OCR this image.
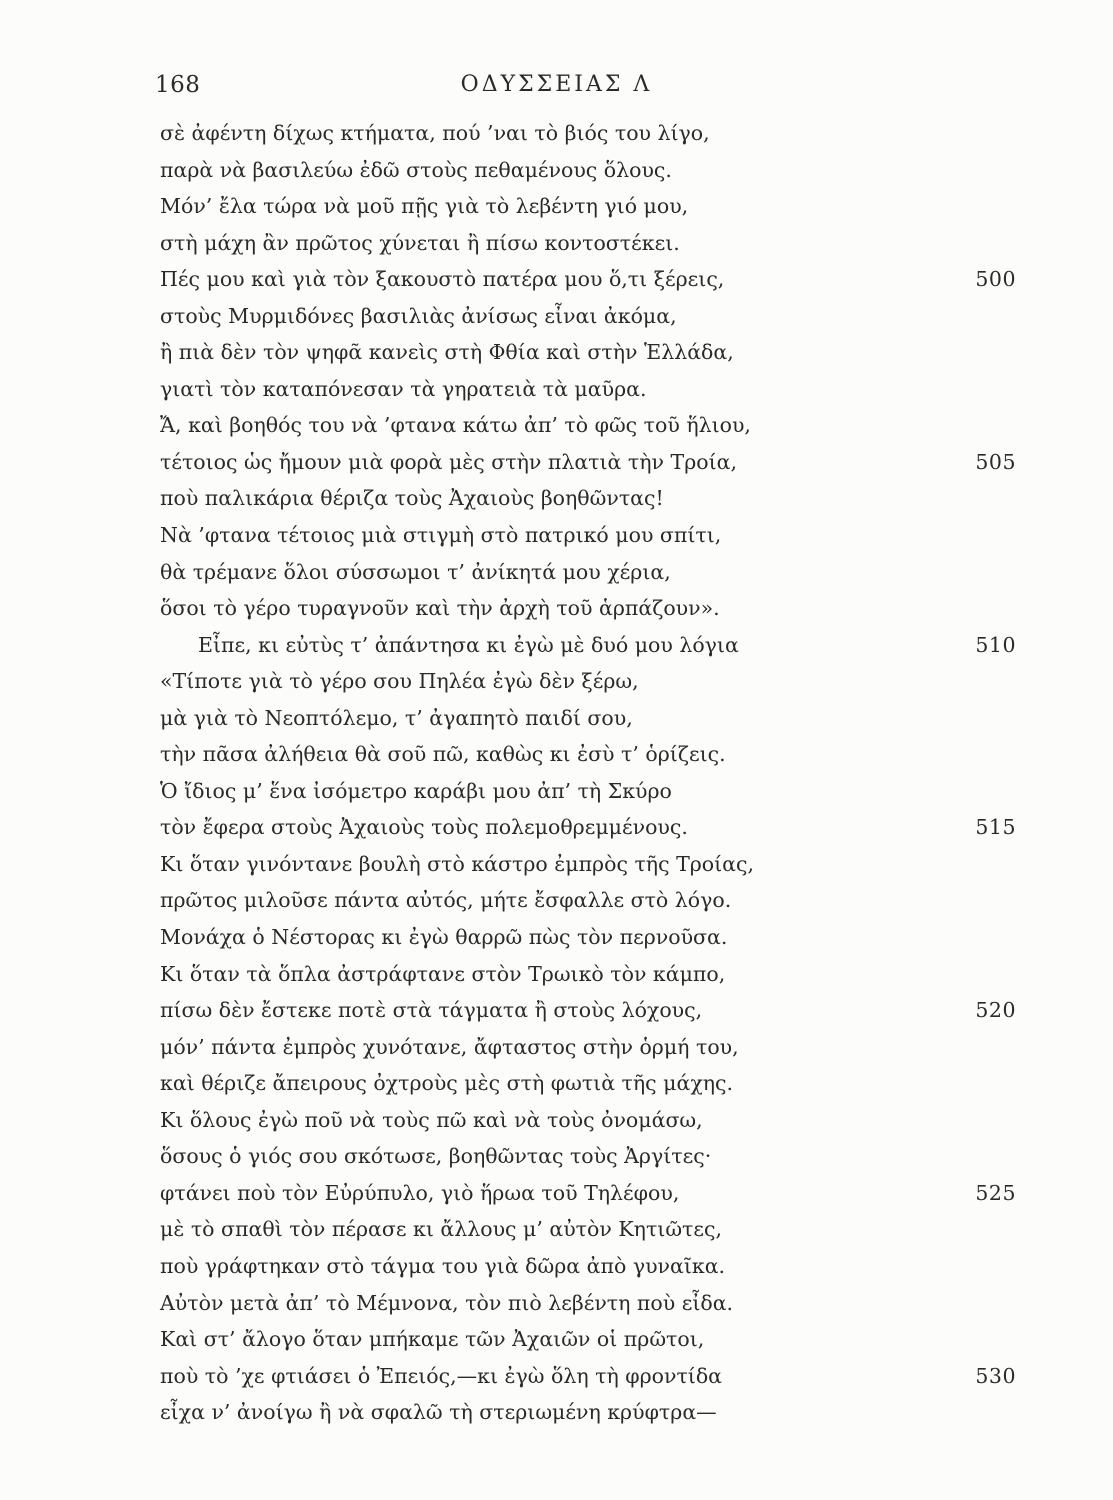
168	ΟΔΥΣΣΕΙΑΣ Λ
σὲ ἀφέντη δίχως κτήματα, πού ’ναι τὸ βιός του λίγο,
παρὰ νὰ βασιλεύω ἐδῶ στοὺς πεθαμένους ὅλους.
Μόν’ ἔλα τώρα νὰ μοῦ πῇς γιὰ τὸ λεβέντη γιό μου,
στὴ μάχη ἂν πρῶτος χύνεται ἢ πίσω κοντοστέκει.
Πές μου καὶ γιὰ τὸν ξακουστὸ πατέρα μου ὅ,τι ξέρεις,	500
στοὺς Μυρμιδόνες βασιλιὰς ἀνίσως εἶναι ἀκόμα,
ἢ πιὰ δὲν τὸν ψηφᾶ κανεὶς στὴ Φθία καὶ στὴν Ἑλλάδα,
γιατὶ τὸν καταπόνεσαν τὰ γηρατειὰ τὰ μαῦρα.
Ἄ, καὶ βοηθός του νὰ ’φτανα κάτω ἀπ’ τὸ φῶς τοῦ ἥλιου,
τέτοιος ὡς ἤμουν μιὰ φορὰ μὲς στὴν πλατιὰ τὴν Τροία,	505
ποὺ παλικάρια θέριζα τοὺς Ἀχαιοὺς βοηθῶντας!
Νὰ ’φτανα τέτοιος μιὰ στιγμὴ στὸ πατρικό μου σπίτι,
θὰ τρέμανε ὅλοι σύσσωμοι τ’ ἀνίκητά μου χέρια,
ὅσοι τὸ γέρο τυραγνοῦν καὶ τὴν ἀρχὴ τοῦ ἁρπάζουν».
Εἶπε, κι εὐτὺς τ’ ἀπάντησα κι ἐγὼ μὲ δυό μου λόγια	510
«Τίποτε γιὰ τὸ γέρο σου Πηλέα ἐγὼ δὲν ξέρω,
μὰ γιὰ τὸ Νεοπτόλεμο, τ’ ἀγαπητὸ παιδί σου,
τὴν πᾶσα ἀλήθεια θὰ σοῦ πῶ, καθὼς κι ἐσὺ τ’ ὁρίζεις.
Ὁ ἴδιος μ’ ἕνα ἰσόμετρο καράβι μου ἀπ’ τὴ Σκύρο
τὸν ἔφερα στοὺς Ἀχαιοὺς τοὺς πολεμοθρεμμένους.	515
Κι ὅταν γινόντανε βουλὴ στὸ κάστρο ἐμπρὸς τῆς Τροίας,
πρῶτος μιλοῦσε πάντα αὐτός, μήτε ἔσφαλλε στὸ λόγο.
Μονάχα ὁ Νέστορας κι ἐγὼ θαρρῶ πὼς τὸν περνοῦσα.
Κι ὅταν τὰ ὅπλα ἀστράφτανε στὸν Τρωικὸ τὸν κάμπο,
πίσω δὲν ἔστεκε ποτὲ στὰ τάγματα ἢ στοὺς λόχους,	520
μόν’ πάντα ἐμπρὸς χυνότανε, ἄφταστος στὴν ὁρμή του,
καὶ θέριζε ἄπειρους ὀχτροὺς μὲς στὴ φωτιὰ τῆς μάχης.
Κι ὅλους ἐγὼ ποῦ νὰ τοὺς πῶ καὶ νὰ τοὺς ὀνομάσω,
ὅσους ὁ γιός σου σκότωσε, βοηθῶντας τοὺς Ἀργίτες·
φτάνει ποὺ τὸν Εὐρύπυλο, γιὸ ἥρωα τοῦ Τηλέφου,	525
μὲ τὸ σπαθὶ τὸν πέρασε κι ἄλλους μ’ αὐτὸν Κητιῶτες,
ποὺ γράφτηκαν στὸ τάγμα του γιὰ δῶρα ἀπὸ γυναῖκα.
Αὐτὸν μετὰ ἀπ’ τὸ Μέμνονα, τὸν πιὸ λεβέντη ποὺ εἶδα.
Καὶ στ’ ἄλογο ὅταν μπήκαμε τῶν Ἀχαιῶν οἱ πρῶτοι,
ποὺ τὸ ’χε φτιάσει ὁ Ἐπειός,—κι ἐγὼ ὅλη τὴ φροντίδα	530
εἶχα ν’ ἀνοίγω ἢ νὰ σφαλῶ τὴ στεριωμένη κρύφτρα—
